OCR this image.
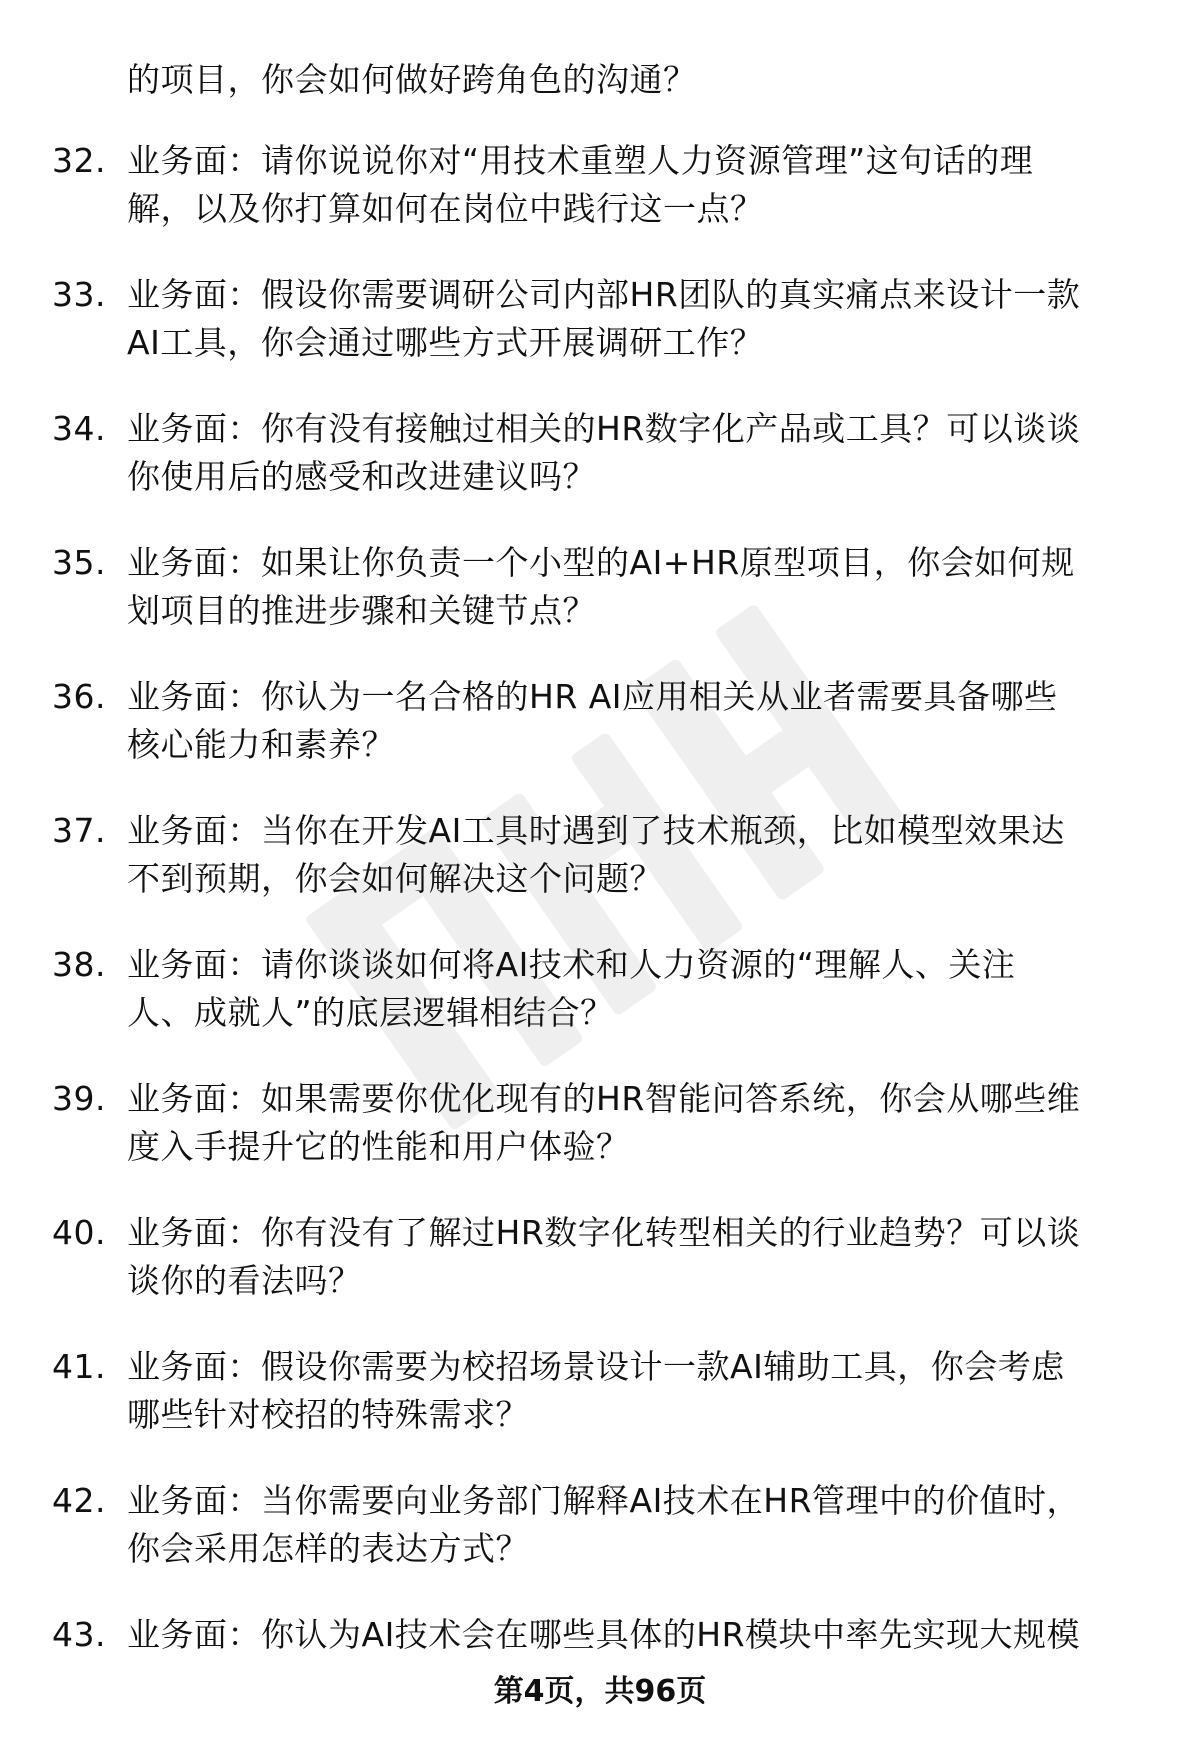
的项目，你会如何做好跨角色的沟通？
32. 业务面：请你说说你对“用技术重塑人力资源管理”这句话的理
解，以及你打算如何在岗位中践行这一点？
33. 业务面：假设你需要调研公司内部HR团队的真实痛点来设计一款
AI工具，你会通过哪些方式开展调研工作？
34. 业务面：你有没有接触过相关的HR数字化产品或工具？可以谈谈
你使用后的感受和改进建议吗？
35. 业务面：如果让你负责一个小型的AI+HR原型项目，你会如何规
划项目的推进步骤和关键节点？
36. 业务面：你认为一名合格的HR AI应用相关从业者需要具备哪些
核心能力和素养？
37. 业务面：当你在开发AI工具时遇到了技术瓶颈，比如模型效果达
不到预期，你会如何解决这个问题？
38. 业务面：请你谈谈如何将AI技术和人力资源的“理解人、关注
人、成就人”的底层逻辑相结合？
39. 业务面：如果需要你优化现有的HR智能问答系统，你会从哪些维
度入手提升它的性能和用户体验？
40. 业务面：你有没有了解过HR数字化转型相关的行业趋势？可以谈
谈你的看法吗？
41. 业务面：假设你需要为校招场景设计一款AI辅助工具，你会考虑
哪些针对校招的特殊需求？
42. 业务面：当你需要向业务部门解释AI技术在HR管理中的价值时，
你会采用怎样的表达方式？
43. 业务面：你认为AI技术会在哪些具体的HR模块中率先实现大规模
第4页，共96页
